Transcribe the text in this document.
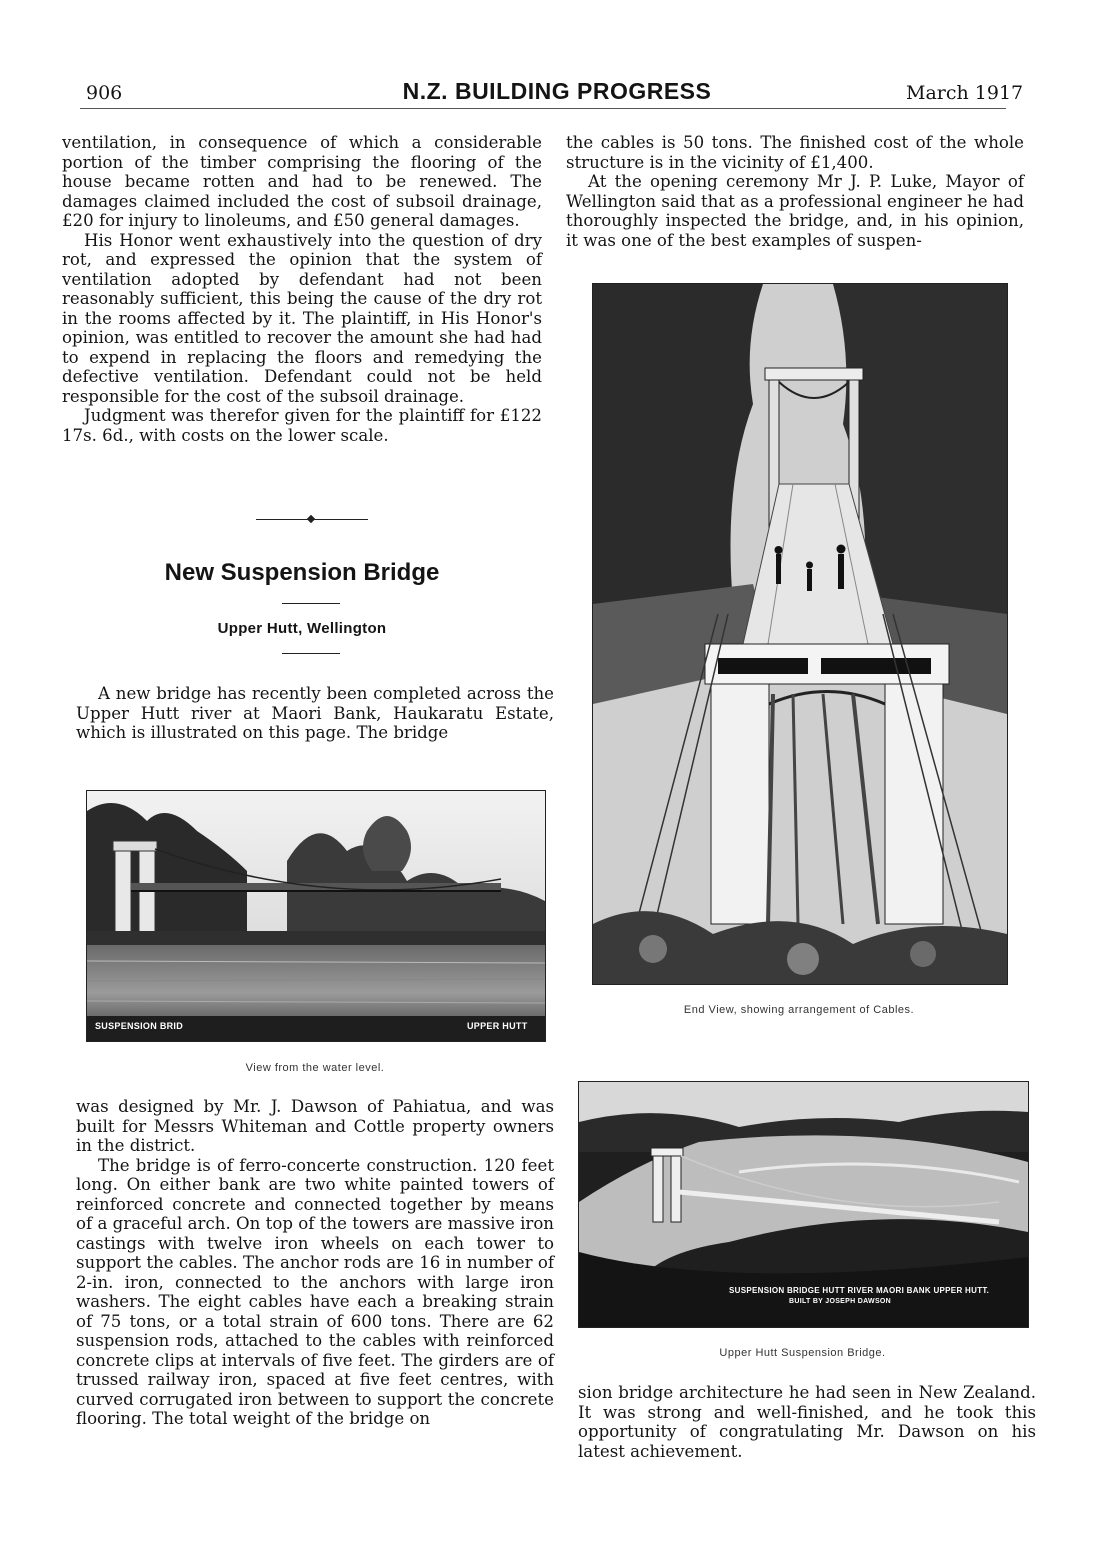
906	N.Z. BUILDING PROGRESS	March 1917

ventilation, in consequence of which a considerable portion of the timber comprising the flooring of the house became rotten and had to be renewed. The damages claimed included the cost of subsoil drainage, £20 for injury to linoleums, and £50 general damages.

His Honor went exhaustively into the question of dry rot, and expressed the opinion that the system of ventilation adopted by defendant had not been reasonably sufficient, this being the cause of the dry rot in the rooms affected by it. The plaintiff, in His Honor's opinion, was entitled to recover the amount she had had to expend in replacing the floors and remedying the defective ventilation. Defendant could not be held responsible for the cost of the subsoil drainage.

Judgment was therefor given for the plaintiff for £122 17s. 6d., with costs on the lower scale.

New Suspension Bridge
Upper Hutt, Wellington

A new bridge has recently been completed across the Upper Hutt river at Maori Bank, Haukaratu Estate, which is illustrated on this page. The bridge

SUSPENSION BRID	UPPER HUTT
View from the water level.

was designed by Mr. J. Dawson of Pahiatua, and was built for Messrs Whiteman and Cottle property owners in the district.

The bridge is of ferro-concerte construction. 120 feet long. On either bank are two white painted towers of reinforced concrete and connected together by means of a graceful arch. On top of the towers are massive iron castings with twelve iron wheels on each tower to support the cables. The anchor rods are 16 in number of 2-in. iron, connected to the anchors with large iron washers. The eight cables have each a breaking strain of 75 tons, or a total strain of 600 tons. There are 62 suspension rods, attached to the cables with reinforced concrete clips at intervals of five feet. The girders are of trussed railway iron, spaced at five feet centres, with curved corrugated iron between to support the concrete flooring. The total weight of the bridge on

the cables is 50 tons. The finished cost of the whole structure is in the vicinity of £1,400.

At the opening ceremony Mr J. P. Luke, Mayor of Wellington said that as a professional engineer he had thoroughly inspected the bridge, and, in his opinion, it was one of the best examples of suspen-

End View, showing arrangement of Cables.
SUSPENSION BRIDGE HUTT RIVER MAORI BANK UPPER HUTT.
BUILT BY JOSEPH DAWSON
Upper Hutt Suspension Bridge.

sion bridge architecture he had seen in New Zealand. It was strong and well-finished, and he took this opportunity of congratulating Mr. Dawson on his latest achievement.
